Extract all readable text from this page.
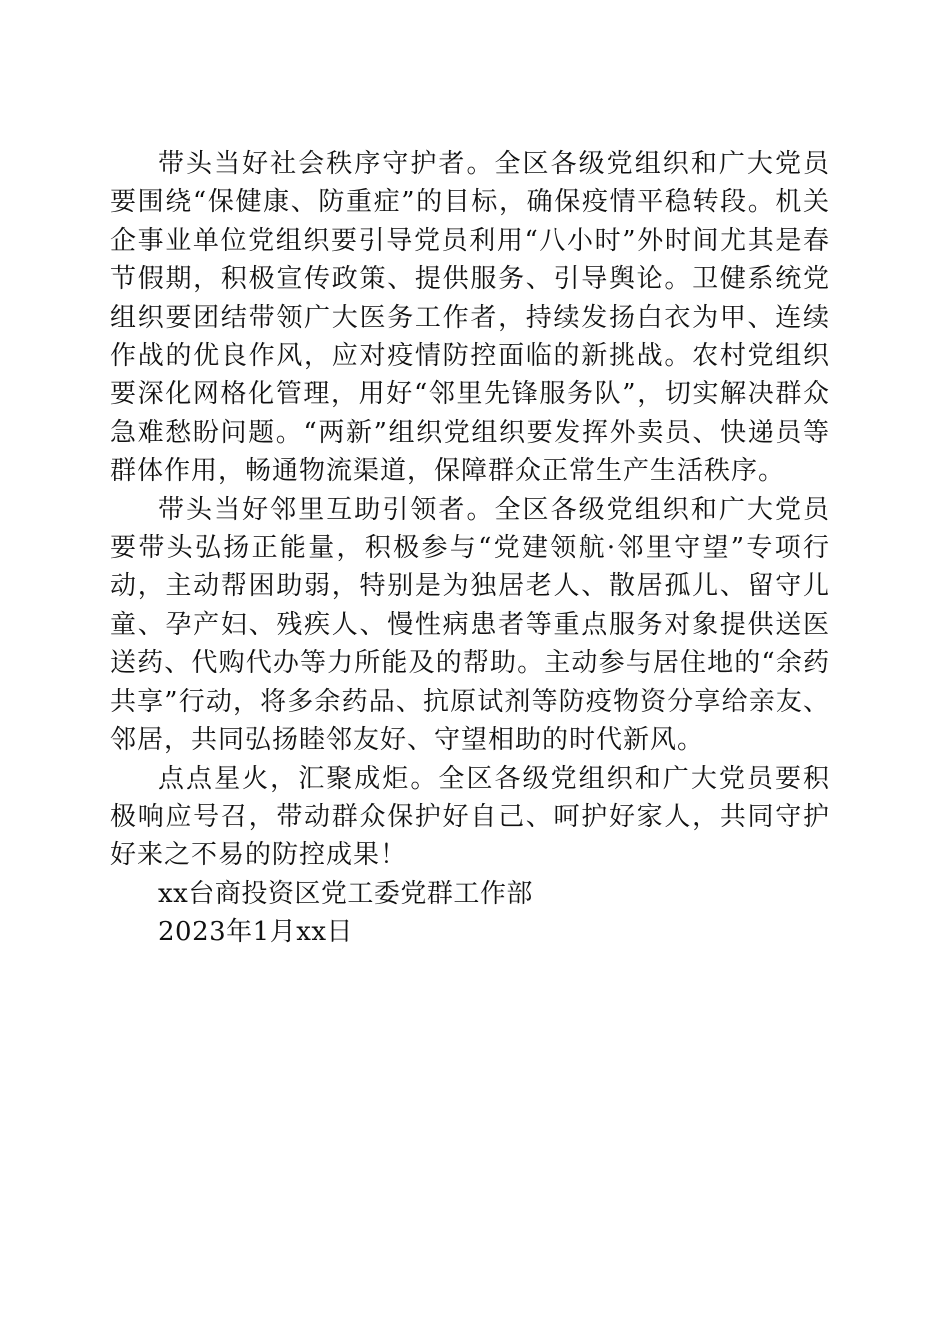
带头当好社会秩序守护者。全区各级党组织和广大党员要围绕“保健康、防重症”的目标，确保疫情平稳转段。机关企事业单位党组织要引导党员利用“八小时”外时间尤其是春节假期，积极宣传政策、提供服务、引导舆论。卫健系统党组织要团结带领广大医务工作者，持续发扬白衣为甲、连续作战的优良作风，应对疫情防控面临的新挑战。农村党组织要深化网格化管理，用好“邻里先锋服务队”，切实解决群众急难愁盼问题。“两新”组织党组织要发挥外卖员、快递员等群体作用，畅通物流渠道，保障群众正常生产生活秩序。

带头当好邻里互助引领者。全区各级党组织和广大党员要带头弘扬正能量，积极参与“党建领航·邻里守望”专项行动，主动帮困助弱，特别是为独居老人、散居孤儿、留守儿童、孕产妇、残疾人、慢性病患者等重点服务对象提供送医送药、代购代办等力所能及的帮助。主动参与居住地的“余药共享”行动，将多余药品、抗原试剂等防疫物资分享给亲友、邻居，共同弘扬睦邻友好、守望相助的时代新风。

点点星火，汇聚成炬。全区各级党组织和广大党员要积极响应号召，带动群众保护好自己、呵护好家人，共同守护好来之不易的防控成果！

xx台商投资区党工委党群工作部

2023年1月xx日
